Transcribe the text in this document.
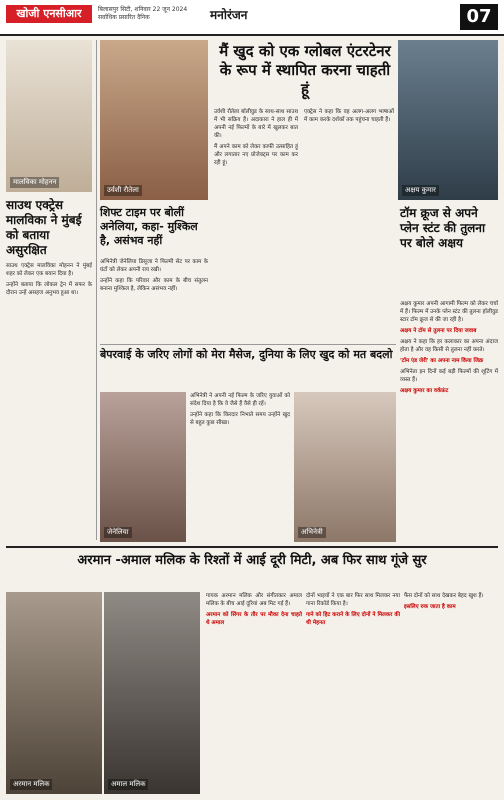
खोजी एनसीआर	बिलासपुर सिटी, शनिवार 22 जून 2024
सर्वाधिक प्रसारित दैनिक	मनोरंजन	07
मालविका मोहनन
साउथ एक्ट्रेस मालविका ने मुंबई को बताया असुरक्षित

साउथ एक्ट्रेस मालविका मोहनन ने मुंबई शहर को लेकर एक बयान दिया है।

उन्होंने बताया कि लोकल ट्रेन में सफर के दौरान उन्हें असहज अनुभव हुआ था।

उर्वशी रौतेला
मैं खुद को एक ग्लोबल एंटरटेनर के रूप में स्थापित करना चाहती हूं
अक्षय कुमार

उर्वशी रौतेला बॉलीवुड के साथ-साथ साउथ में भी सक्रिय हैं। अदाकारा ने हाल ही में अपनी नई फिल्मों के बारे में खुलकर बात की।

मैं अपने काम को लेकर काफी उत्साहित हूं और लगातार नए प्रोजेक्ट्स पर काम कर रही हूं।

एक्ट्रेस ने कहा कि वह अलग-अलग भाषाओं में काम करके दर्शकों तक पहुंचना चाहती हैं।

शिफ्ट टाइम पर बोलीं अनेलिया, कहा- मुश्किल है, असंभव नहीं

अभिनेत्री जेनेलिया डिसूजा ने फिल्मी सेट पर काम के घंटों को लेकर अपनी राय रखी।

उन्होंने कहा कि परिवार और काम के बीच संतुलन बनाना मुश्किल है, लेकिन असंभव नहीं।

टॉम क्रूज से अपने प्लेन स्टंट की तुलना पर बोले अक्षय

अक्षय कुमार अपनी आगामी फिल्म को लेकर चर्चा में हैं। फिल्म में उनके प्लेन स्टंट की तुलना हॉलीवुड स्टार टॉम क्रूज से की जा रही है।

अक्षय ने टॉम से तुलना पर दिया जवाब

अक्षय ने कहा कि हर कलाकार का अपना अंदाज होता है और वह किसी से तुलना नहीं करते।

'टॉम एंड जेरी' का अपना नाम किया जिक्र

अभिनेता इन दिनों कई बड़ी फिल्मों की शूटिंग में व्यस्त हैं।

अक्षय कुमार का वर्कफ्रंट

बेपरवाई के जरिए लोगों को मेरा मैसेज, दुनिया के लिए खुद को मत बदलो
जेनेलिया

अभिनेत्री ने अपनी नई फिल्म के जरिए युवाओं को संदेश दिया है कि वे जैसे हैं वैसे ही रहें।

उन्होंने कहा कि किरदार निभाते समय उन्होंने खुद से बहुत कुछ सीखा।

अभिनेत्री
अरमान -अमाल मलिक के रिश्तों में आई दूरी मिटी, अब फिर साथ गूंजे सुर
अरमान मलिक	अमाल मलिक

गायक अरमान मलिक और संगीतकार अमाल मलिक के बीच आई दूरियां अब मिट गई हैं।

अरमान को सिंगर के तौर पर मौका देना चाहते थे अमाल

दोनों भाइयों ने एक बार फिर साथ मिलकर नया गाना रिकॉर्ड किया है।

गाने को हिट कराने के लिए दोनों ने मिलकर की थी मेहनत

फैंस दोनों को साथ देखकर बेहद खुश हैं।

इसलिए रुक जाता है काम
